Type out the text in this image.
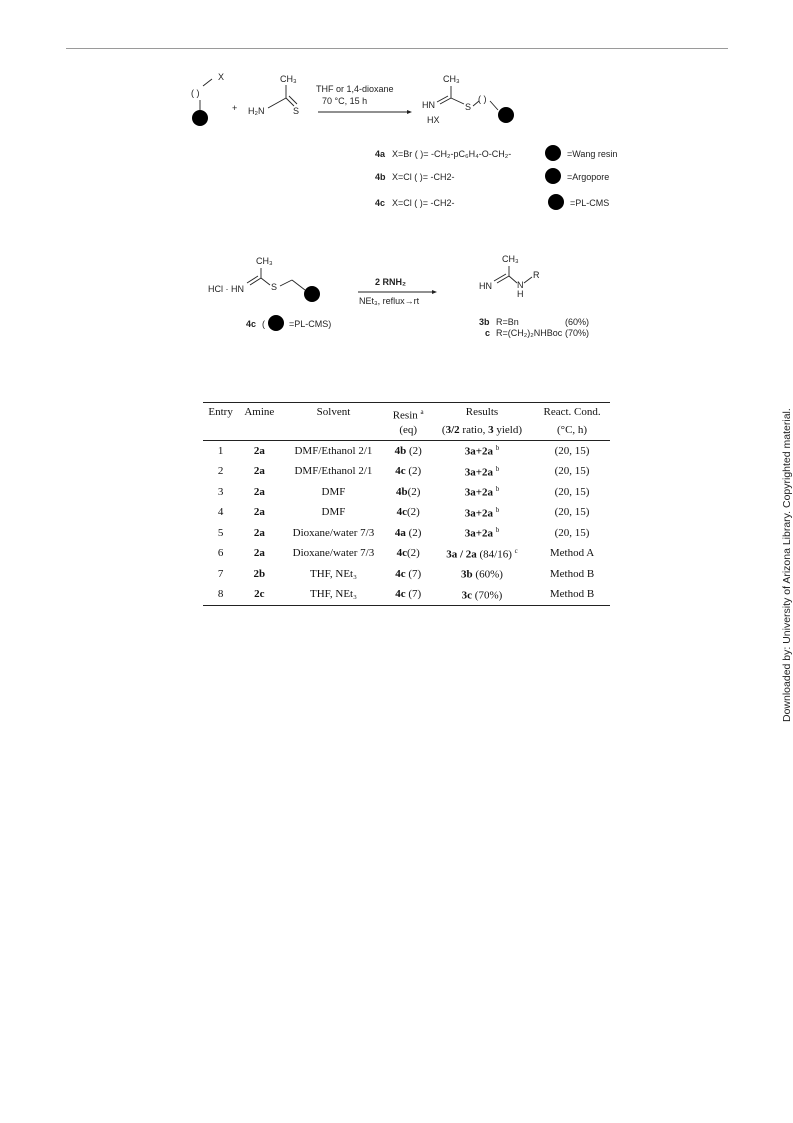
( )
X
+
CH₃
H₂N	S
THF or 1,4-dioxane
70 °C, 15 h
CH₃
HN	S
( )
HX
4a X=Br ( )= -CH₂-pC₆H₄-O-CH₂-	=Wang resin
4b X=Cl ( )= -CH2-	=Argopore
4c X=Cl ( )= -CH2-	=PL-CMS
CH₃
HCl · HN	S
4c (	=PL-CMS)
2 RNH₂
NEt₃, reflux→rt
CH₃
HN	N
H
R
3b R=Bn	(60%)
c R=(CH₂)₂NHBoc (70%)
Entry	Amine	Solvent	Resin $^a$	Results	React. Cond.
			(eq)	(3/2 ratio, 3 yield)	(°C, h)
1	2a	DMF/Ethanol 2/1	4b (2)	3a+2a $^b$	(20, 15)
2	2a	DMF/Ethanol 2/1	4c (2)	3a+2a $^b$	(20, 15)
3	2a	DMF	4b(2)	3a+2a $^b$	(20, 15)
4	2a	DMF	4c(2)	3a+2a $^b$	(20, 15)
5	2a	Dioxane/water 7/3	4a (2)	3a+2a $^b$	(20, 15)
6	2a	Dioxane/water 7/3	4c(2)	3a / 2a (84/16) $^c$	Method A
7	2b	THF, NEt₃	4c (7)	3b (60%)	Method B
8	2c	THF, NEt₃	4c (7)	3c (70%)	Method B	Downloaded by: University of Arizona Library. Copyrighted material.
